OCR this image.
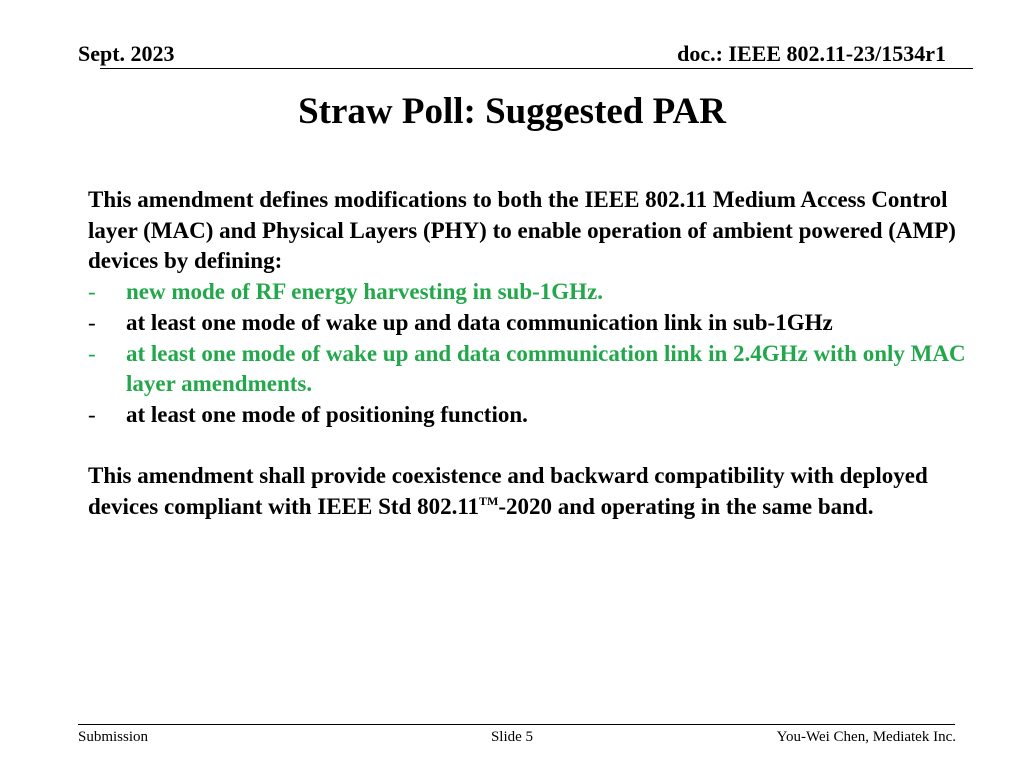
Sept. 2023	doc.: IEEE 802.11-23/1534r1
Straw Poll: Suggested PAR

This amendment defines modifications to both the IEEE 802.11 Medium Access Control layer (MAC) and Physical Layers (PHY) to enable operation of ambient powered (AMP) devices by defining:

- new mode of RF energy harvesting in sub-1GHz.
- at least one mode of wake up and data communication link in sub-1GHz
- at least one mode of wake up and data communication link in 2.4GHz with only MAC layer amendments.
- at least one mode of positioning function.

This amendment shall provide coexistence and backward compatibility with deployed devices compliant with IEEE Std 802.11™-2020 and operating in the same band.

Submission	Slide 5	You-Wei Chen, Mediatek Inc.
